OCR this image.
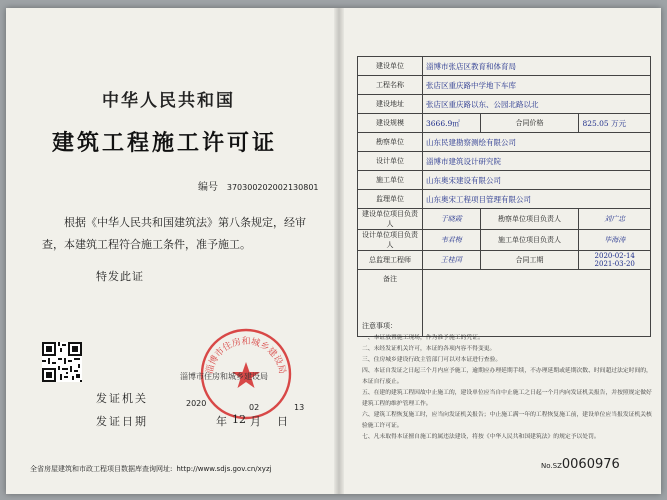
中华人民共和国
建筑工程施工许可证
编号 370300202002130801
根据《中华人民共和国建筑法》第八条规定，经审查，本建筑工程符合施工条件，准予施工。
特发此证
淄博市住房和城乡建设局
淄博市住房和城乡建设局
发证机关	2020	02	13
发证日期	年 12 月 日
全省房屋建筑和市政工程项目数据库查询网址: http://www.sdjs.gov.cn/xyzj
建设单位	淄博市张店区教育和体育局		
工程名称	张店区重庆路中学地下车库		
建设地址	张店区重庆路以东、公园北路以北		
建设规模	3666.9㎡	合同价格	825.05 万元
勘察单位	山东民建勘察测绘有限公司		
设计单位	淄博市建筑设计研究院		
施工单位	山东奥宋建设有限公司		
监理单位	山东奥宋工程项目管理有限公司		
建设单位项目负责人	于晓霞	勘察单位项目负责人	刘广忠
设计单位项目负责人	韦君梅	施工单位项目负责人	毕海涛
总监理工程师	王桂国	合同工期	2020-02-14
2021-03-20

备注			
注意事项：
一、本证放置施工现场，作为准予施工的凭证。
二、未经发证机关许可，本证的各项内容不得变更。
三、住房城乡建设行政主管部门可以对本证进行查验。
四、本证自发证之日起三个月内应予施工，逾期应办理延期手续，不办理延期或延期次数、时间超过法定时间的，本证自行废止。
五、在建的建筑工程因故中止施工的，建设单位应当自中止施工之日起一个月内向发证机关报告，并按照规定做好建筑工程的维护管理工作。
六、建筑工程恢复施工时，应当向发证机关报告；中止施工满一年的工程恢复施工前，建设单位应当报发证机关核验施工许可证。
七、凡未取得本证擅自施工的属违法建设，将按《中华人民共和国建筑法》的规定予以处罚。
No.SZ0060976
